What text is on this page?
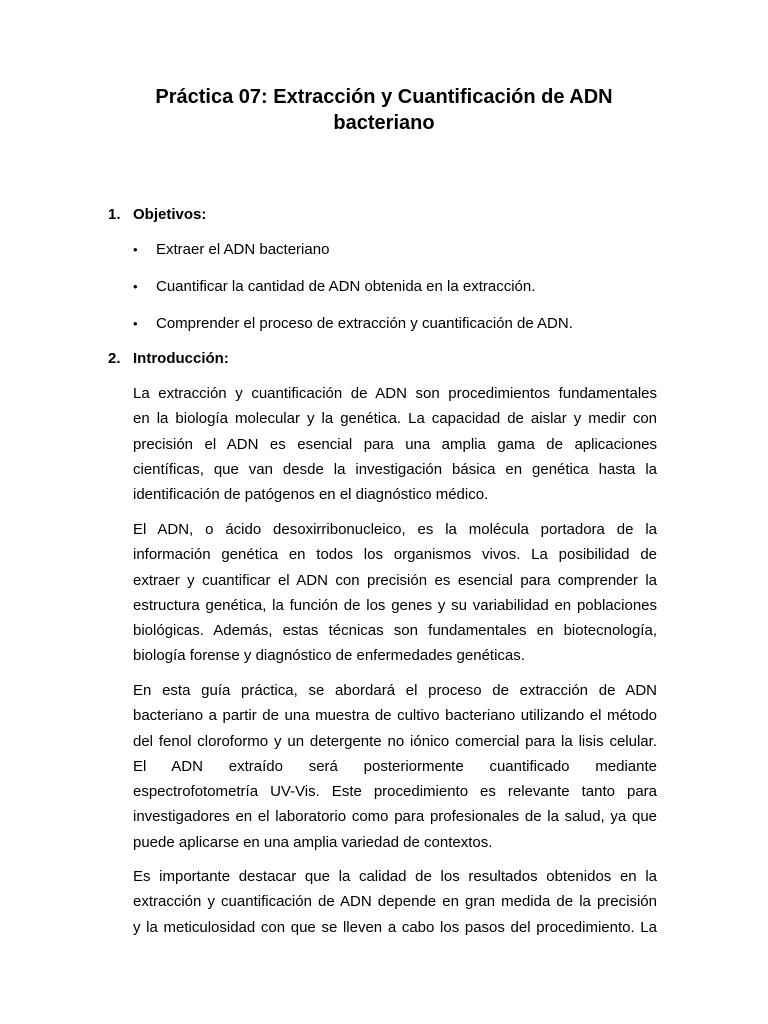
Práctica 07: Extracción y Cuantificación de ADN
bacteriano
1. Objetivos:
• Extraer el ADN bacteriano
• Cuantificar la cantidad de ADN obtenida en la extracción.
• Comprender el proceso de extracción y cuantificación de ADN.
2. Introducción:
La extracción y cuantificación de ADN son procedimientos fundamentales
en la biología molecular y la genética. La capacidad de aislar y medir con
precisión el ADN es esencial para una amplia gama de aplicaciones
científicas, que van desde la investigación básica en genética hasta la
identificación de patógenos en el diagnóstico médico.
El ADN, o ácido desoxirribonucleico, es la molécula portadora de la
información genética en todos los organismos vivos. La posibilidad de
extraer y cuantificar el ADN con precisión es esencial para comprender la
estructura genética, la función de los genes y su variabilidad en poblaciones
biológicas. Además, estas técnicas son fundamentales en biotecnología,
biología forense y diagnóstico de enfermedades genéticas.
En esta guía práctica, se abordará el proceso de extracción de ADN
bacteriano a partir de una muestra de cultivo bacteriano utilizando el método
del fenol cloroformo y un detergente no iónico comercial para la lisis celular.
El ADN extraído será posteriormente cuantificado mediante
espectrofotometría UV-Vis. Este procedimiento es relevante tanto para
investigadores en el laboratorio como para profesionales de la salud, ya que
puede aplicarse en una amplia variedad de contextos.
Es importante destacar que la calidad de los resultados obtenidos en la
extracción y cuantificación de ADN depende en gran medida de la precisión
y la meticulosidad con que se lleven a cabo los pasos del procedimiento. La
